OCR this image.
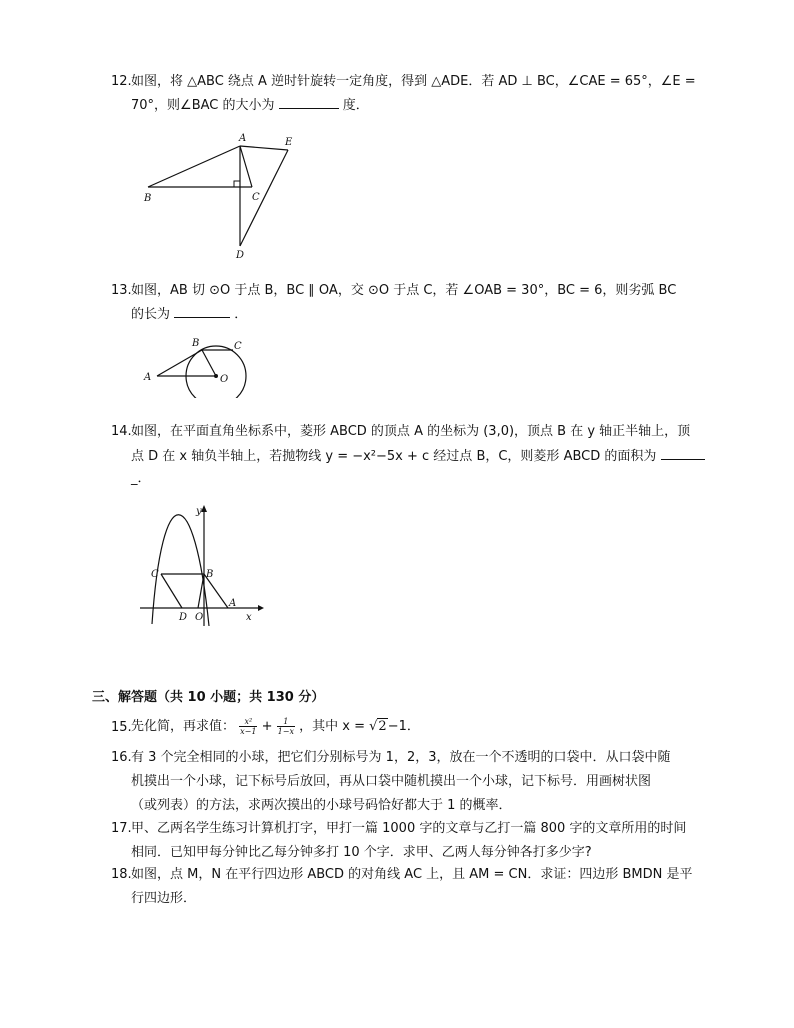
12. 如图，将 △ABC 绕点 A 逆时针旋转一定角度，得到 △ADE．若 AD ⊥ BC，∠CAE = 65°，∠E =
70°，则∠BAC 的大小为	度．
A	E
B	C
D
13. 如图，AB 切 ⊙O 于点 B，BC ∥ OA，交 ⊙O 于点 C，若 ∠OAB = 30°，BC = 6，则劣弧 BC
的长为	．
B	C
A	O
14. 如图，在平面直角坐标系中，菱形 ABCD 的顶点 A 的坐标为 (3,0)，顶点 B 在 y 轴正半轴上，顶
点 D 在 x 轴负半轴上，若抛物线 y = −x²−5x + c 经过点 B，C，则菱形 ABCD 的面积为
_．
y
C	B
D O
A
x
三、解答题（共 10 小题；共 130 分）
15. 先化简，再求值： $\frac{\text{x²}}{x-1} + \frac{1}{1-x}$ ，其中 x = √2−1．
16. 有 3 个完全相同的小球，把它们分别标号为 1，2，3，放在一个不透明的口袋中．从口袋中随
机摸出一个小球，记下标号后放回，再从口袋中随机摸出一个小球，记下标号．用画树状图
（或列表）的方法，求两次摸出的小球号码恰好都大于 1 的概率．
17. 甲、乙两名学生练习计算机打字，甲打一篇 1000 字的文章与乙打一篇 800 字的文章所用的时间
相同．已知甲每分钟比乙每分钟多打 10 个字．求甲、乙两人每分钟各打多少字?
18. 如图，点 M，N 在平行四边形 ABCD 的对角线 AC 上，且 AM = CN．求证：四边形 BMDN 是平
行四边形．
